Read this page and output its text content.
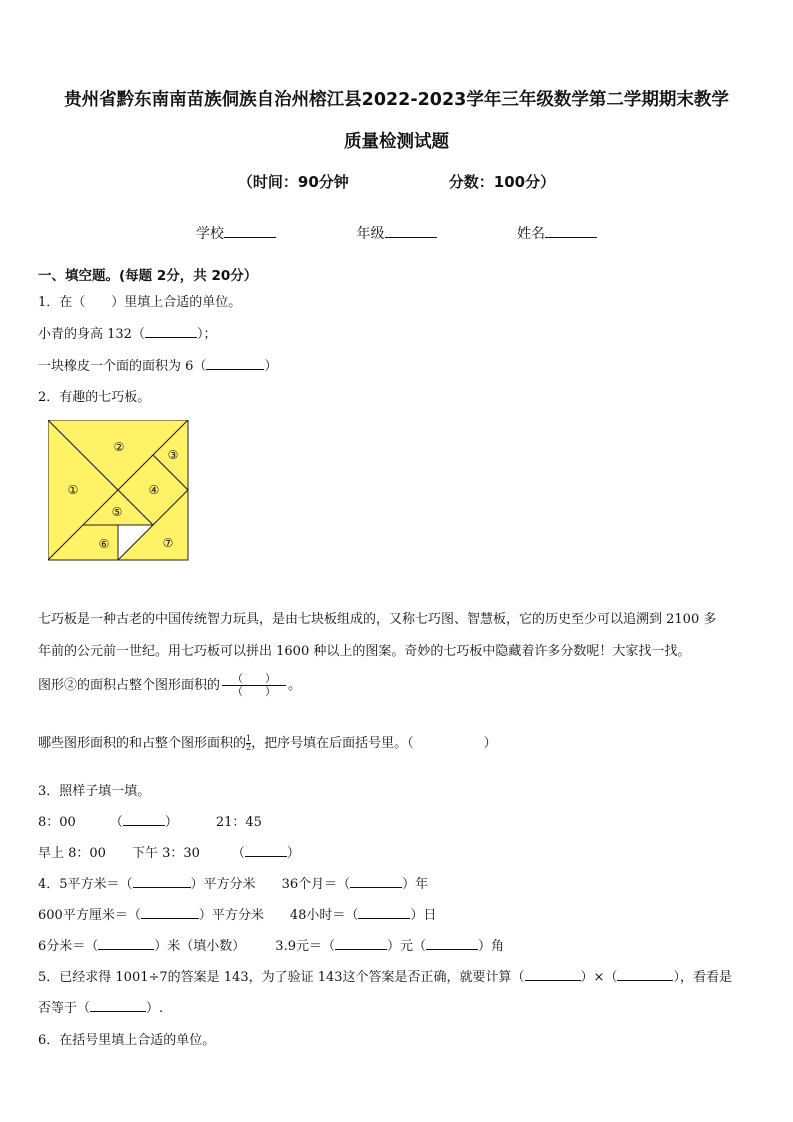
贵州省黔东南南苗族侗族自治州榕江县2022-2023学年三年级数学第二学期期末教学
质量检测试题
（时间：90分钟	分数：100分）
学校	年级	姓名
一、填空题。(每题 2分，共 20分）
1．在（　　）里填上合适的单位。
小青的身高 132（	）；
一块橡皮一个面的面积为 6（	）
2．有趣的七巧板。
①
②
③
④
⑤
⑥	⑦
七巧板是一种古老的中国传统智力玩具，是由七块板组成的，又称七巧图、智慧板，它的历史至少可以追溯到 2100 多
年前的公元前一世纪。用七巧板可以拼出 1600 种以上的图案。奇妙的七巧板中隐藏着许多分数呢！大家找一找。
图形②的面积占整个图形面积的 $\frac{( )}{( )}$ 。
哪些图形面积的和占整个图形面积的 $\frac{1}{2}$ ，把序号填在后面括号里。（	）
3．照样子填一填。
8：00	（	）	21：45
早上 8：00 下午 3：30 （	）
4．5平方米＝（	）平方分米 36个月＝（	）年
600平方厘米＝（	）平方分米 48小时＝（	）日
6分米＝（	）米（填小数） 3.9元＝（	）元（	）角
5．已经求得 1001÷7的答案是 143，为了验证 143这个答案是否正确，就要计算（	）×（	），看看是
否等于（	）.
6．在括号里填上合适的单位。
